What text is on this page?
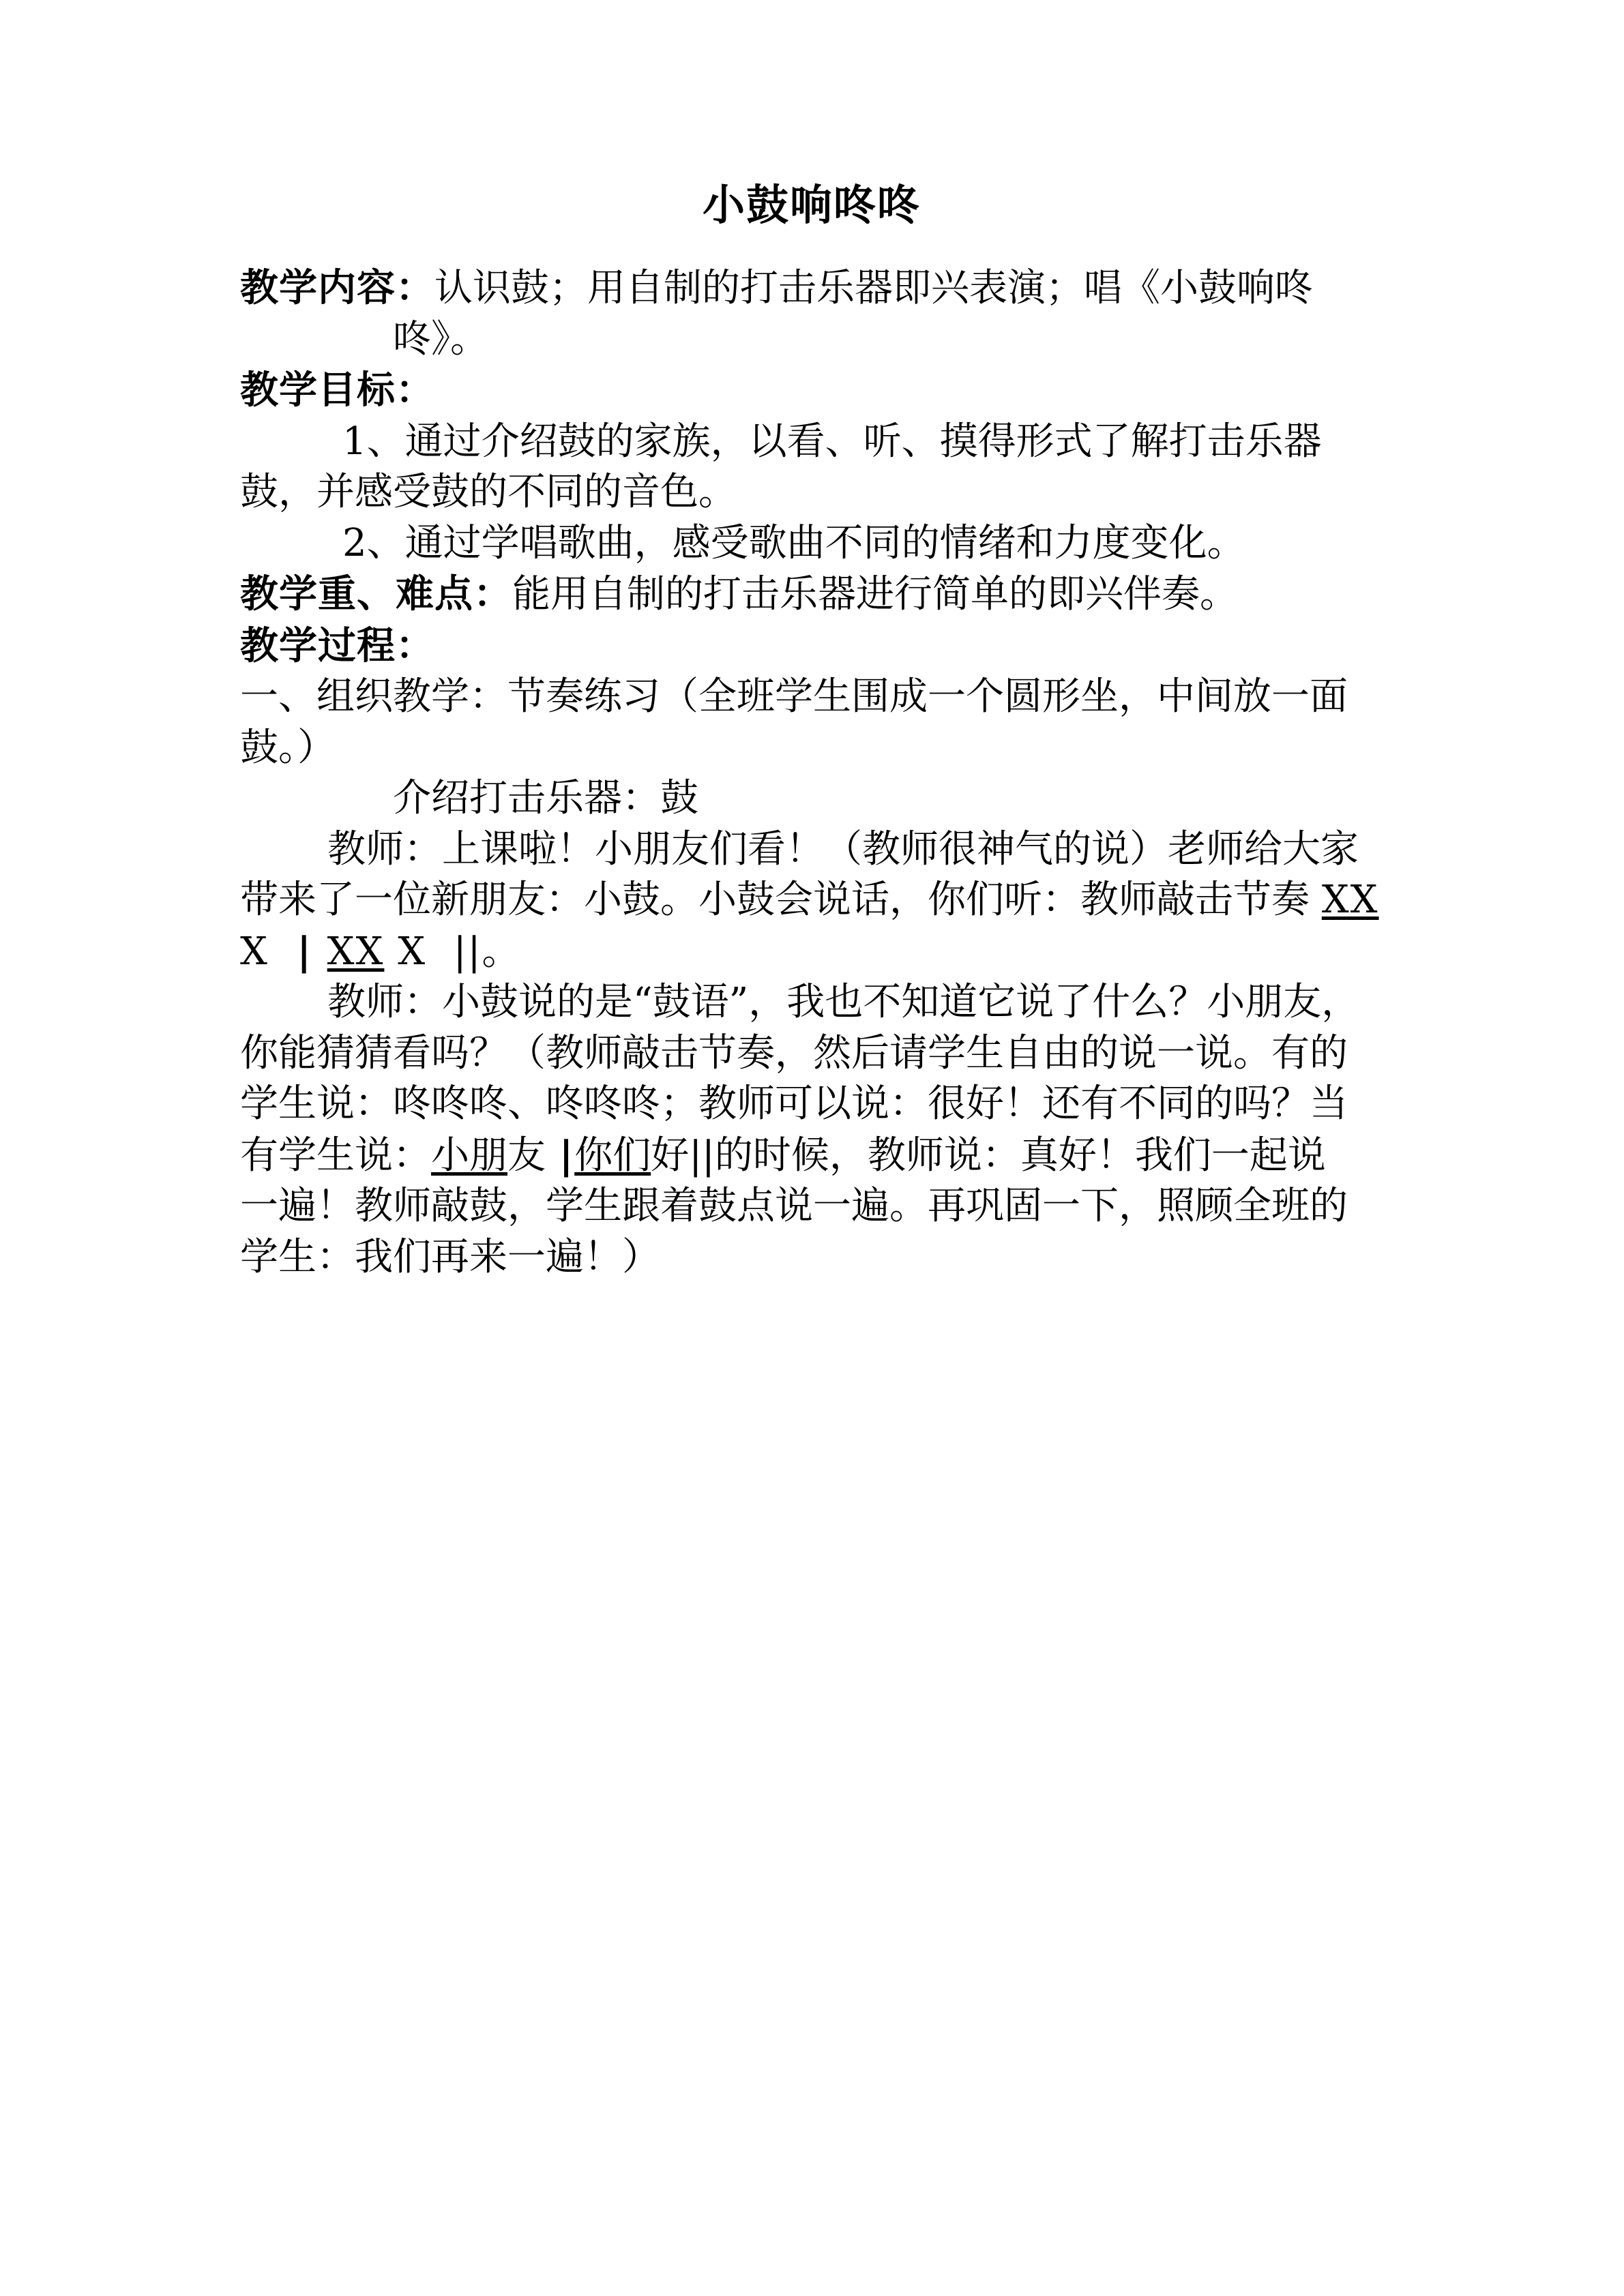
小鼓响咚咚

教学内容：认识鼓；用自制的打击乐器即兴表演；唱《小鼓响咚

咚》。

教学目标：

1、通过介绍鼓的家族，以看、听、摸得形式了解打击乐器

鼓，并感受鼓的不同的音色。

2、通过学唱歌曲，感受歌曲不同的情绪和力度变化。

教学重、难点：能用自制的打击乐器进行简单的即兴伴奏。

教学过程：

一、组织教学：节奏练习（全班学生围成一个圆形坐，中间放一面

鼓。）

介绍打击乐器：鼓

教师：上课啦！小朋友们看！（教师很神气的说）老师给大家

带来了一位新朋友：小鼓。小鼓会说话，你们听：教师敲击节奏 XX

X | XX X ||。

教师：小鼓说的是“鼓语”，我也不知道它说了什么？小朋友，

你能猜猜看吗？（教师敲击节奏，然后请学生自由的说一说。有的

学生说：咚咚咚、咚咚咚；教师可以说：很好！还有不同的吗？当

有学生说：小朋友 |你们好||的时候，教师说：真好！我们一起说

一遍！教师敲鼓，学生跟着鼓点说一遍。再巩固一下，照顾全班的

学生：我们再来一遍！）
